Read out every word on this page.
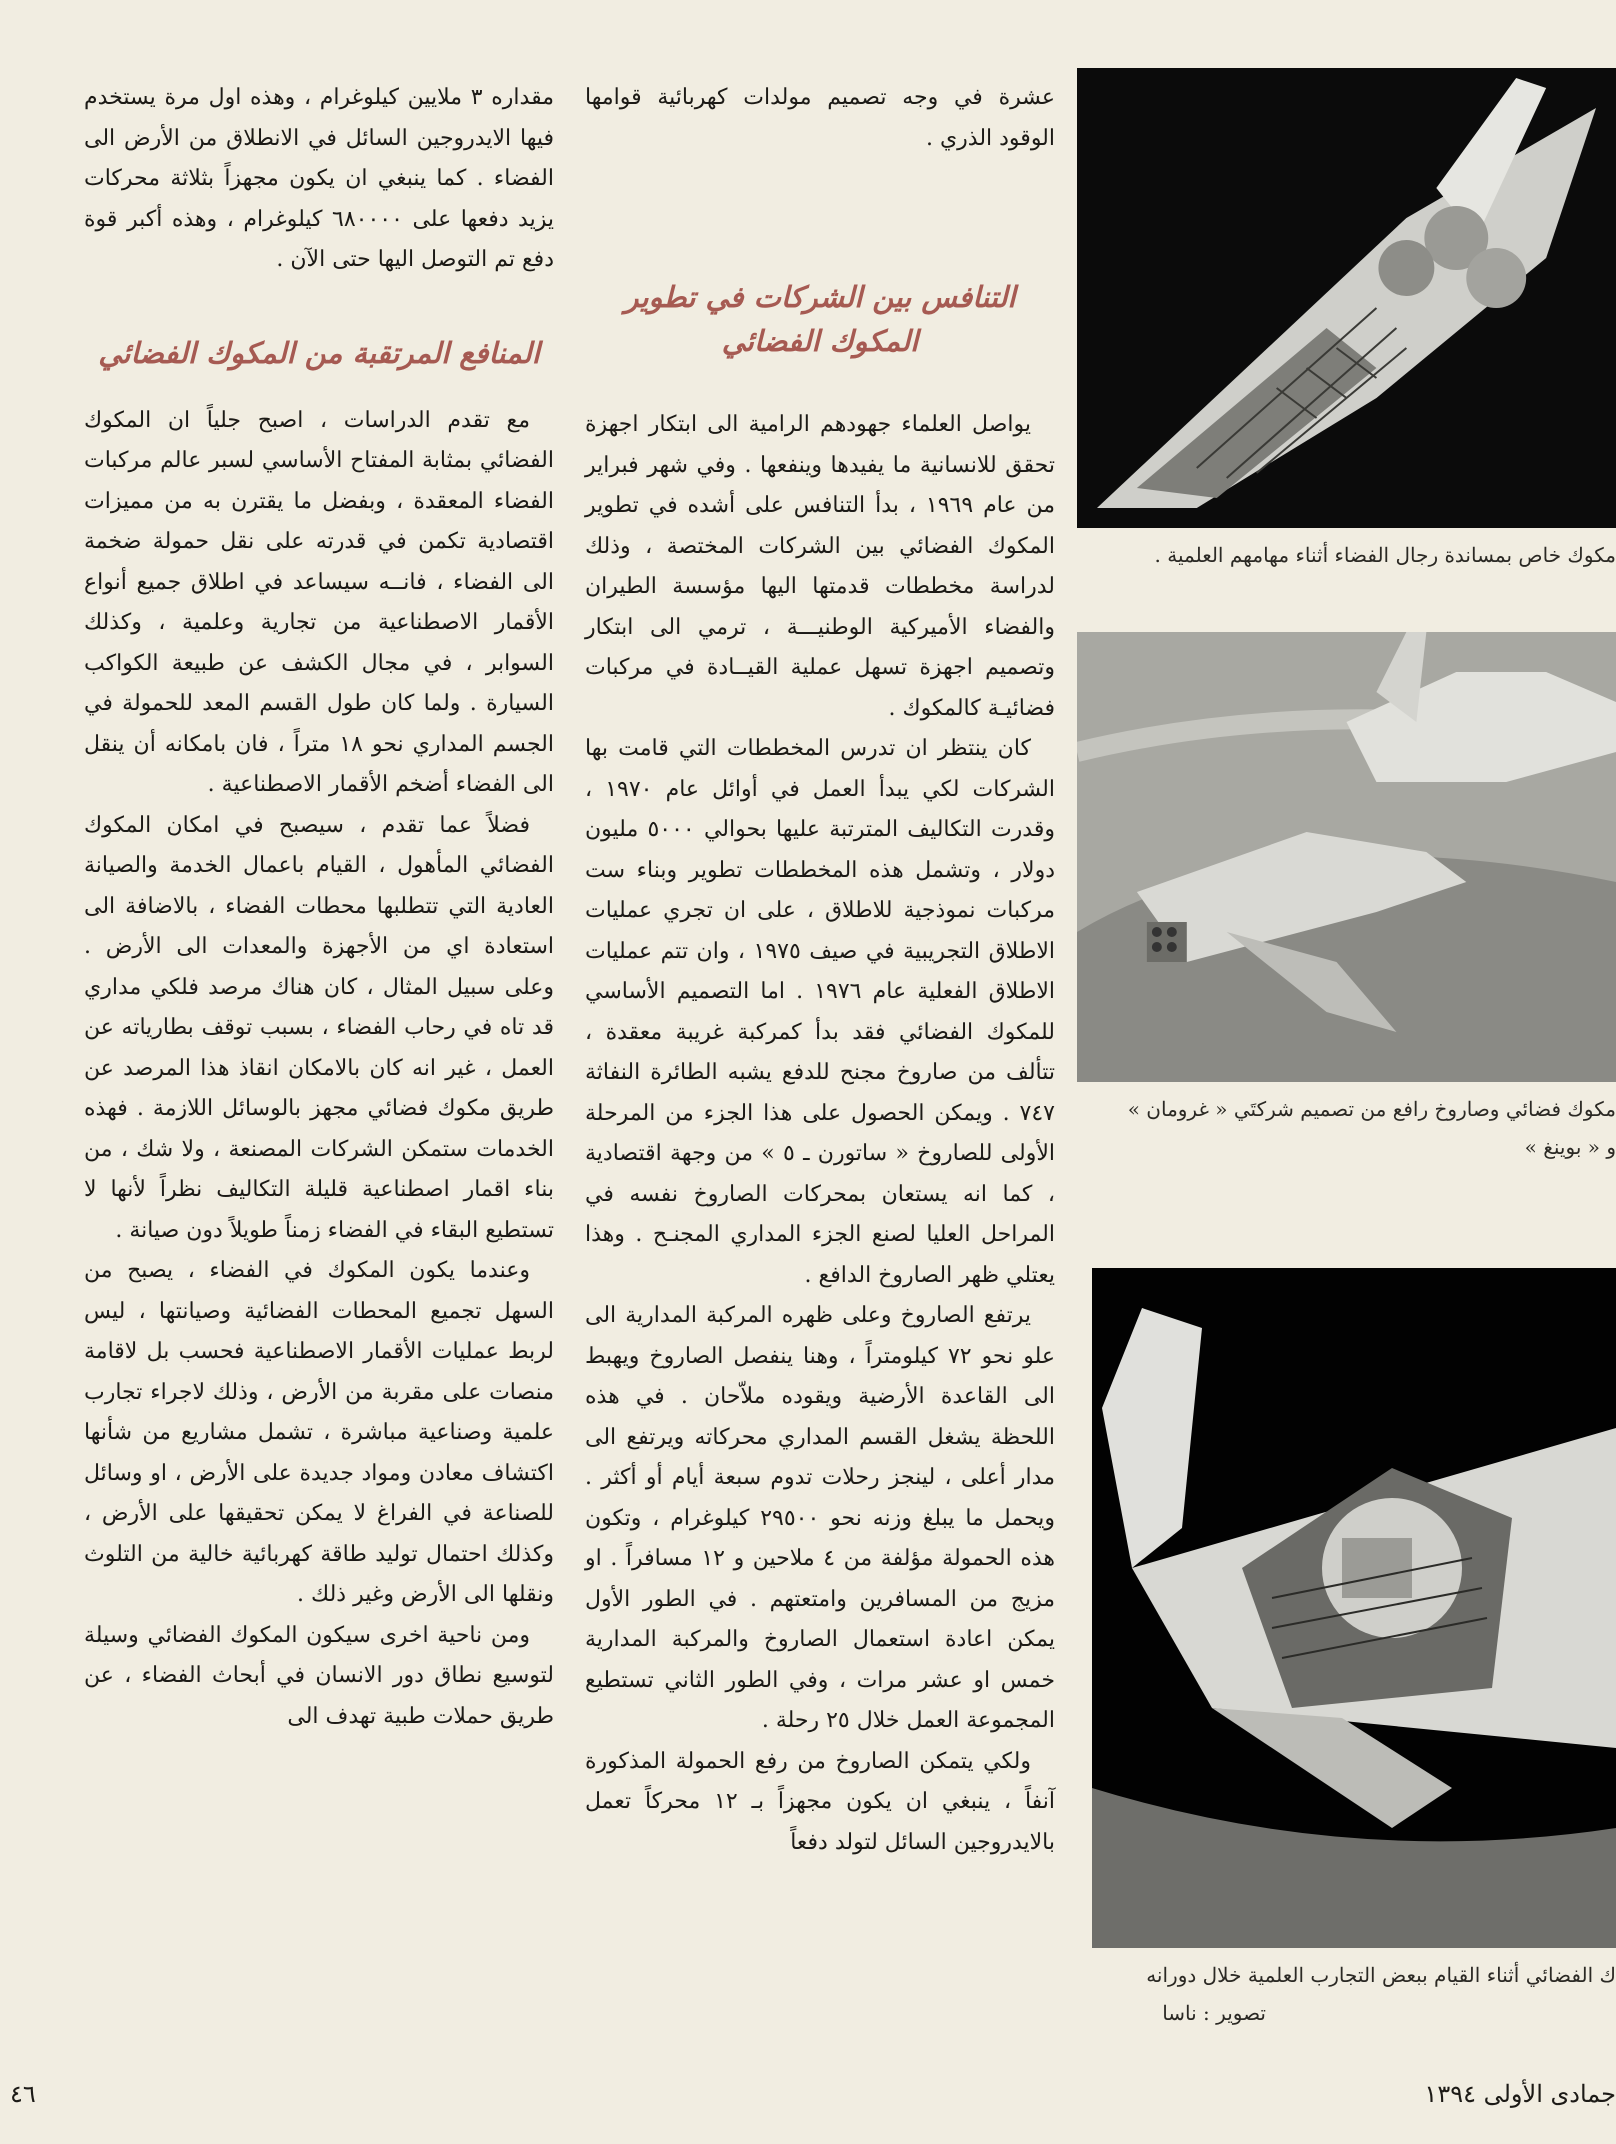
عشرة في وجه تصميم مولدات كهربائية قوامها الوقود الذري .

التنافس بين الشركات في تطوير المكوك الفضائي

يواصل العلماء جهودهم الرامية الى ابتكار اجهزة تحقق للانسانية ما يفيدها وينفعها . وفي شهر فبراير من عام ١٩٦٩ ، بدأ التنافس على أشده في تطوير المكوك الفضائي بين الشركات المختصة ، وذلك لدراسة مخططات قدمتها اليها مؤسسة الطيران والفضاء الأميركية الوطنيـــة ، ترمي الى ابتكار وتصميم اجهزة تسهل عملية القيــادة في مركبات فضائيـة كالمكوك .

كان ينتظر ان تدرس المخططات التي قامت بها الشركات لكي يبدأ العمل في أوائل عام ١٩٧٠ ، وقدرت التكاليف المترتبة عليها بحوالي ٥٠٠٠ مليون دولار ، وتشمل هذه المخططات تطوير وبناء ست مركبات نموذجية للاطلاق ، على ان تجري عمليات الاطلاق التجريبية في صيف ١٩٧٥ ، وان تتم عمليات الاطلاق الفعلية عام ١٩٧٦ . اما التصميم الأساسي للمكوك الفضائي فقد بدأ كمركبة غريبة معقدة ، تتألف من صاروخ مجنح للدفع يشبه الطائرة النفاثة ٧٤٧ . ويمكن الحصول على هذا الجزء من المرحلة الأولى للصاروخ « ساتورن ـ ٥ » من وجهة اقتصادية ، كما انه يستعان بمحركات الصاروخ نفسه في المراحل العليا لصنع الجزء المداري المجنـح . وهذا يعتلي ظهر الصاروخ الدافع .

يرتفع الصاروخ وعلى ظهره المركبة المدارية الى علو نحو ٧٢ كيلومتراً ، وهنا ينفصل الصاروخ ويهبط الى القاعدة الأرضية ويقوده ملاّحان . في هذه اللحظة يشغل القسم المداري محركاته ويرتفع الى مدار أعلى ، لينجز رحلات تدوم سبعة أيام أو أكثر . ويحمل ما يبلغ وزنه نحو ٢٩٥٠٠ كيلوغرام ، وتكون هذه الحمولة مؤلفة من ٤ ملاحين و ١٢ مسافراً . او مزيج من المسافرين وامتعتهم . في الطور الأول يمكن اعادة استعمال الصاروخ والمركبة المدارية خمس او عشر مرات ، وفي الطور الثاني تستطيع المجموعة العمل خلال ٢٥ رحلة .

ولكي يتمكن الصاروخ من رفع الحمولة المذكورة آنفاً ، ينبغي ان يكون مجهزاً بـ ١٢ محركاً تعمل بالايدروجين السائل لتولد دفعاً

مقداره ٣ ملايين كيلوغرام ، وهذه اول مرة يستخدم فيها الايدروجين السائل في الانطلاق من الأرض الى الفضاء . كما ينبغي ان يكون مجهزاً بثلاثة محركات يزيد دفعها على ٦٨٠٠٠٠ كيلوغرام ، وهذه أكبر قوة دفع تم التوصل اليها حتى الآن .

المنافع المرتقبة من المكوك الفضائي

مع تقدم الدراسات ، اصبح جلياً ان المكوك الفضائي بمثابة المفتاح الأساسي لسبر عالم مركبات الفضاء المعقدة ، وبفضل ما يقترن به من مميزات اقتصادية تكمن في قدرته على نقل حمولة ضخمة الى الفضاء ، فانــه سيساعد في اطلاق جميع أنواع الأقمار الاصطناعية من تجارية وعلمية ، وكذلك السوابر ، في مجال الكشف عن طبيعة الكواكب السيارة . ولما كان طول القسم المعد للحمولة في الجسم المداري نحو ١٨ متراً ، فان بامكانه أن ينقل الى الفضاء أضخم الأقمار الاصطناعية .

فضلاً عما تقدم ، سيصبح في امكان المكوك الفضائي المأهول ، القيام باعمال الخدمة والصيانة العادية التي تتطلبها محطات الفضاء ، بالاضافة الى استعادة اي من الأجهزة والمعدات الى الأرض . وعلى سبيل المثال ، كان هناك مرصد فلكي مداري قد تاه في رحاب الفضاء ، بسبب توقف بطارياته عن العمل ، غير انه كان بالامكان انقاذ هذا المرصد عن طريق مكوك فضائي مجهز بالوسائل اللازمة . فهذه الخدمات ستمكن الشركات المصنعة ، ولا شك ، من بناء اقمار اصطناعية قليلة التكاليف نظراً لأنها لا تستطيع البقاء في الفضاء زمناً طويلاً دون صيانة .

وعندما يكون المكوك في الفضاء ، يصبح من السهل تجميع المحطات الفضائية وصيانتها ، ليس لربط عمليات الأقمار الاصطناعية فحسب بل لاقامة منصات على مقربة من الأرض ، وذلك لاجراء تجارب علمية وصناعية مباشرة ، تشمل مشاريع من شأنها اكتشاف معادن ومواد جديدة على الأرض ، او وسائل للصناعة في الفراغ لا يمكن تحقيقها على الأرض ، وكذلك احتمال توليد طاقة كهربائية خالية من التلوث ونقلها الى الأرض وغير ذلك .

ومن ناحية اخرى سيكون المكوك الفضائي وسيلة لتوسيع نطاق دور الانسان في أبحاث الفضاء ، عن طريق حملات طبية تهدف الى

مكوك خاص بمساندة رجال الفضاء أثناء مهامهم العلمية .
مكوك فضائي وصاروخ رافع من تصميم شركتَي « غرومان »
و « بوينغ »
ك الفضائي أثناء القيام ببعض التجارب العلمية خلال دورانه
تصوير : ناسا
٤٦	جمادى الأولى ١٣٩٤
